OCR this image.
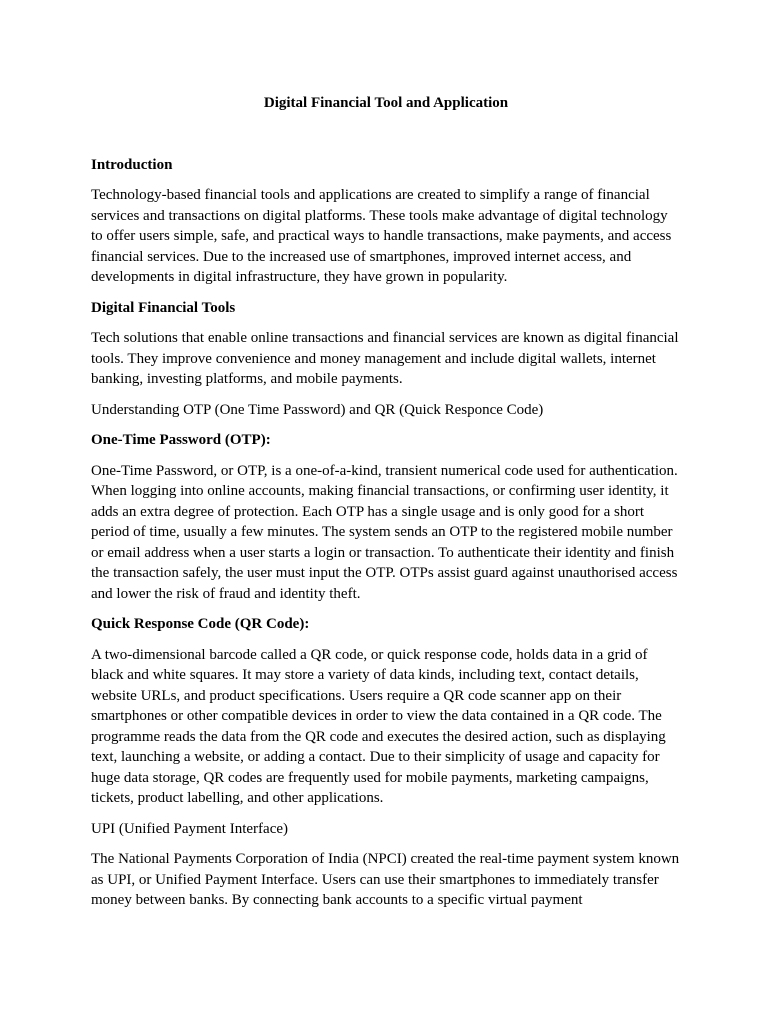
Digital Financial Tool and Application

Introduction

Technology-based financial tools and applications are created to simplify a range of financial services and transactions on digital platforms. These tools make advantage of digital technology to offer users simple, safe, and practical ways to handle transactions, make payments, and access financial services. Due to the increased use of smartphones, improved internet access, and developments in digital infrastructure, they have grown in popularity.

Digital Financial Tools

Tech solutions that enable online transactions and financial services are known as digital financial tools. They improve convenience and money management and include digital wallets, internet banking, investing platforms, and mobile payments.

Understanding OTP (One Time Password) and QR (Quick Responce Code)

One-Time Password (OTP):

One-Time Password, or OTP, is a one-of-a-kind, transient numerical code used for authentication. When logging into online accounts, making financial transactions, or confirming user identity, it adds an extra degree of protection. Each OTP has a single usage and is only good for a short period of time, usually a few minutes. The system sends an OTP to the registered mobile number or email address when a user starts a login or transaction. To authenticate their identity and finish the transaction safely, the user must input the OTP. OTPs assist guard against unauthorised access and lower the risk of fraud and identity theft.

Quick Response Code (QR Code):

A two-dimensional barcode called a QR code, or quick response code, holds data in a grid of black and white squares. It may store a variety of data kinds, including text, contact details, website URLs, and product specifications. Users require a QR code scanner app on their smartphones or other compatible devices in order to view the data contained in a QR code. The programme reads the data from the QR code and executes the desired action, such as displaying text, launching a website, or adding a contact. Due to their simplicity of usage and capacity for huge data storage, QR codes are frequently used for mobile payments, marketing campaigns, tickets, product labelling, and other applications.

UPI (Unified Payment Interface)

The National Payments Corporation of India (NPCI) created the real-time payment system known as UPI, or Unified Payment Interface. Users can use their smartphones to immediately transfer money between banks. By connecting bank accounts to a specific virtual payment
